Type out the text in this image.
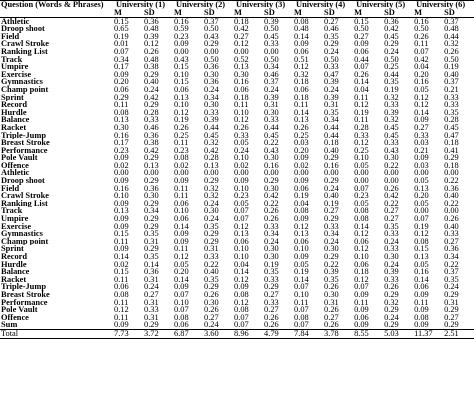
Question (Words & Phrases)	University (1)		University (2)		University (3)		University (4)		University (5)		University (6)	
	M	SD	M	SD	M	SD	M	SD	M	SD	M	SD
Athletic	0.15	0.36	0.16	0.37	0.18	0.39	0.08	0.27	0.15	0.36	0.16	0.37
Droop shoot	0.65	0.48	0.59	0.50	0.42	0.50	0.48	0.46	0.50	0.42	0.50	0.48
Field	0.19	0.39	0.23	0.43	0.27	0.45	0.14	0.35	0.27	0.45	0.26	0.44
Crawl Stroke	0.01	0.12	0.09	0.29	0.12	0.33	0.09	0.29	0.09	0.29	0.11	0.32
Ranking List	0.07	0.26	0.00	0.00	0.00	0.00	0.06	0.24	0.06	0.24	0.07	0.26
Track	0.34	0.48	0.43	0.50	0.52	0.50	0.51	0.50	0.44	0.50	0.42	0.50
Umpire	0.17	0.38	0.15	0.36	0.13	0.34	0.12	0.33	0.07	0.25	0.04	0.19
Exercise	0.09	0.29	0.10	0.30	0.30	0.46	0.32	0.47	0.26	0.44	0.20	0.40
Gymnastics	0.20	0.40	0.15	0.36	0.16	0.37	0.18	0.39	0.14	0.35	0.16	0.37
Champ point	0.06	0.24	0.06	0.24	0.06	0.24	0.06	0.24	0.04	0.19	0.05	0.21
Sprint	0.29	0.42	0.13	0.34	0.18	0.39	0.18	0.39	0.11	0.32	0.12	0.33
Record	0.11	0.29	0.10	0.30	0.11	0.31	0.11	0.31	0.12	0.33	0.12	0.33
Hurdle	0.08	0.28	0.12	0.33	0.10	0.30	0.14	0.35	0.19	0.39	0.14	0.35
Balance	0.13	0.33	0.19	0.39	0.12	0.33	0.13	0.34	0.11	0.32	0.09	0.28
Racket	0.30	0.46	0.26	0.44	0.26	0.44	0.26	0.44	0.28	0.45	0.27	0.45
Triple-Jump	0.16	0.36	0.25	0.45	0.33	0.45	0.25	0.44	0.33	0.45	0.33	0.47
Breast Stroke	0.17	0.38	0.11	0.32	0.05	0.22	0.03	0.18	0.12	0.33	0.03	0.18
Performance	0.23	0.42	0.23	0.42	0.24	0.43	0.20	0.40	0.25	0.43	0.21	0.41
Pole Vault	0.09	0.29	0.08	0.28	0.10	0.30	0.09	0.29	0.10	0.30	0.09	0.29
Offence	0.02	0.13	0.02	0.13	0.02	0.16	0.02	0.16	0.05	0.22	0.03	0.18
Athletic	0.00	0.00	0.00	0.00	0.00	0.00	0.00	0.00	0.00	0.00	0.00	0.00
Droop shoot	0.09	0.29	0.09	0.29	0.09	0.29	0.09	0.29	0.00	0.00	0.05	0.22
Field	0.16	0.36	0.11	0.32	0.10	0.30	0.06	0.24	0.07	0.26	0.13	0.36
Crawl Stroke	0.10	0.30	0.11	0.32	0.23	0.42	0.19	0.40	0.23	0.42	0.20	0.40
Ranking List	0.09	0.29	0.06	0.24	0.05	0.22	0.04	0.19	0.05	0.22	0.05	0.22
Track	0.13	0.34	0.10	0.30	0.07	0.26	0.08	0.27	0.08	0.27	0.00	0.00
Umpire	0.09	0.29	0.06	0.24	0.07	0.26	0.09	0.29	0.08	0.27	0.07	0.26
Exercise	0.09	0.29	0.14	0.35	0.12	0.33	0.12	0.33	0.14	0.35	0.19	0.40
Gymnastics	0.15	0.35	0.09	0.29	0.13	0.34	0.13	0.34	0.12	0.33	0.12	0.33
Champ point	0.11	0.31	0.09	0.29	0.06	0.24	0.06	0.24	0.06	0.24	0.08	0.27
Sprint	0.09	0.29	0.11	0.31	0.10	0.30	0.10	0.30	0.12	0.33	0.15	0.36
Record	0.14	0.35	0.12	0.33	0.10	0.30	0.09	0.29	0.10	0.30	0.13	0.34
Hurdle	0.02	0.14	0.05	0.22	0.04	0.19	0.05	0.22	0.06	0.24	0.05	0.22
Balance	0.15	0.36	0.20	0.40	0.14	0.35	0.19	0.39	0.18	0.39	0.16	0.37
Racket	0.11	0.31	0.14	0.35	0.12	0.33	0.14	0.35	0.12	0.33	0.14	0.35
Triple-Jump	0.06	0.24	0.09	0.29	0.09	0.29	0.07	0.26	0.07	0.26	0.06	0.24
Breast Stroke	0.08	0.27	0.07	0.26	0.08	0.27	0.10	0.30	0.09	0.29	0.09	0.29
Performance	0.11	0.31	0.10	0.30	0.12	0.33	0.11	0.31	0.11	0.32	0.11	0.31
Pole Vault	0.12	0.33	0.07	0.26	0.08	0.27	0.07	0.26	0.09	0.29	0.09	0.29
Offence	0.11	0.31	0.08	0.27	0.07	0.26	0.08	0.27	0.06	0.24	0.08	0.27
Sum	0.09	0.29	0.06	0.24	0.07	0.26	0.07	0.26	0.09	0.29	0.09	0.29
Total	7.73	3.72	6.87	3.60	8.96	4.79	7.84	3.78	8.55	5.03	11.37	2.51
